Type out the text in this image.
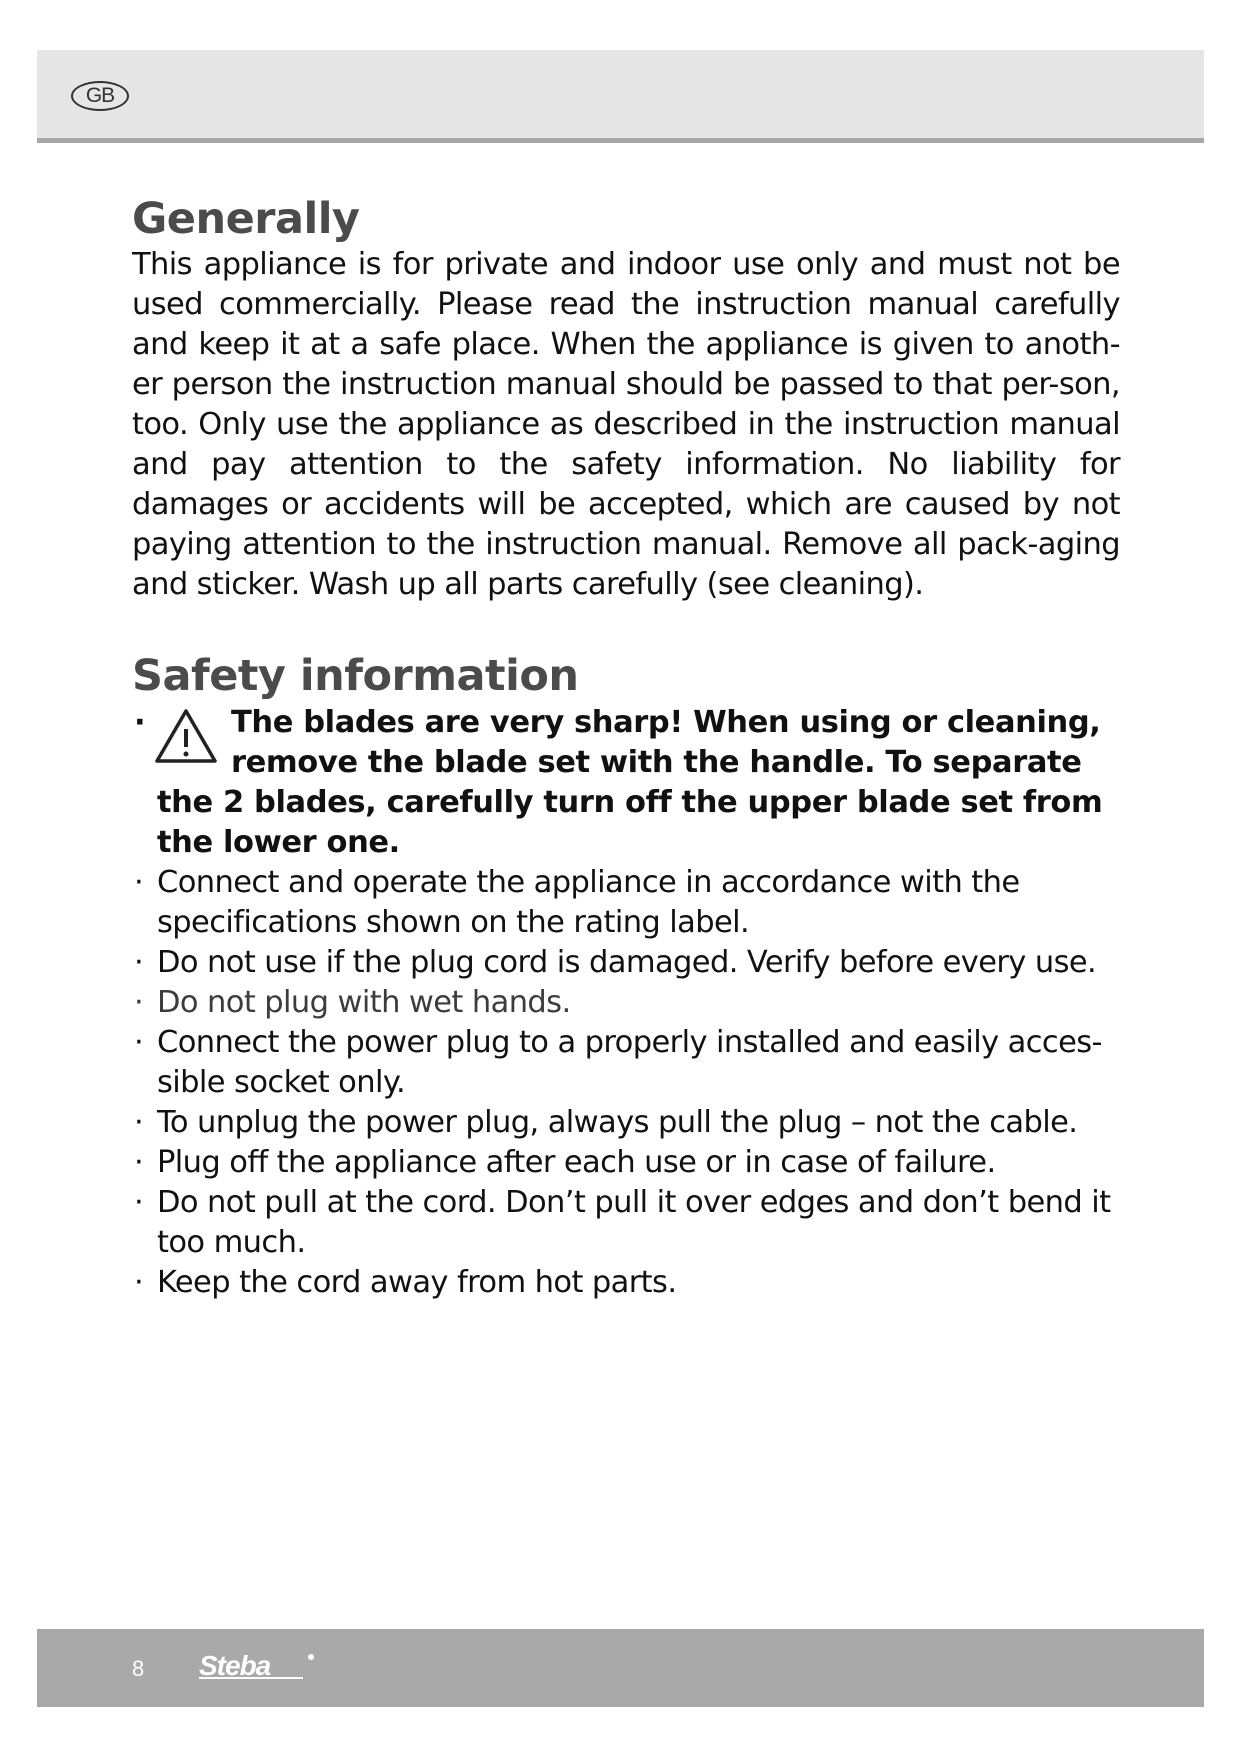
GB
Generally

This appliance is for private and indoor use only and must not be used commercially. Please read the instruction manual carefully and keep it at a safe place. When the appliance is given to anoth-er person the instruction manual should be passed to that per-son, too. Only use the appliance as described in the instruction manual and pay attention to the safety information. No liability for damages or accidents will be accepted, which are caused by not paying attention to the instruction manual. Remove all pack-aging and sticker. Wash up all parts carefully (see cleaning).

Safety information
· The blades are very sharp! When using or cleaning, remove the blade set with the handle. To separate the 2 blades, carefully turn off the upper blade set from the lower one.
· Connect and operate the appliance in accordance with the specifications shown on the rating label.
· Do not use if the plug cord is damaged. Verify before every use.
· Do not plug with wet hands.
· Connect the power plug to a properly installed and easily acces-sible socket only.
· To unplug the power plug, always pull the plug – not the cable.
· Plug off the appliance after each use or in case of failure.
· Do not pull at the cord. Don’t pull it over edges and don’t bend it too much.
· Keep the cord away from hot parts.
8 Steba
